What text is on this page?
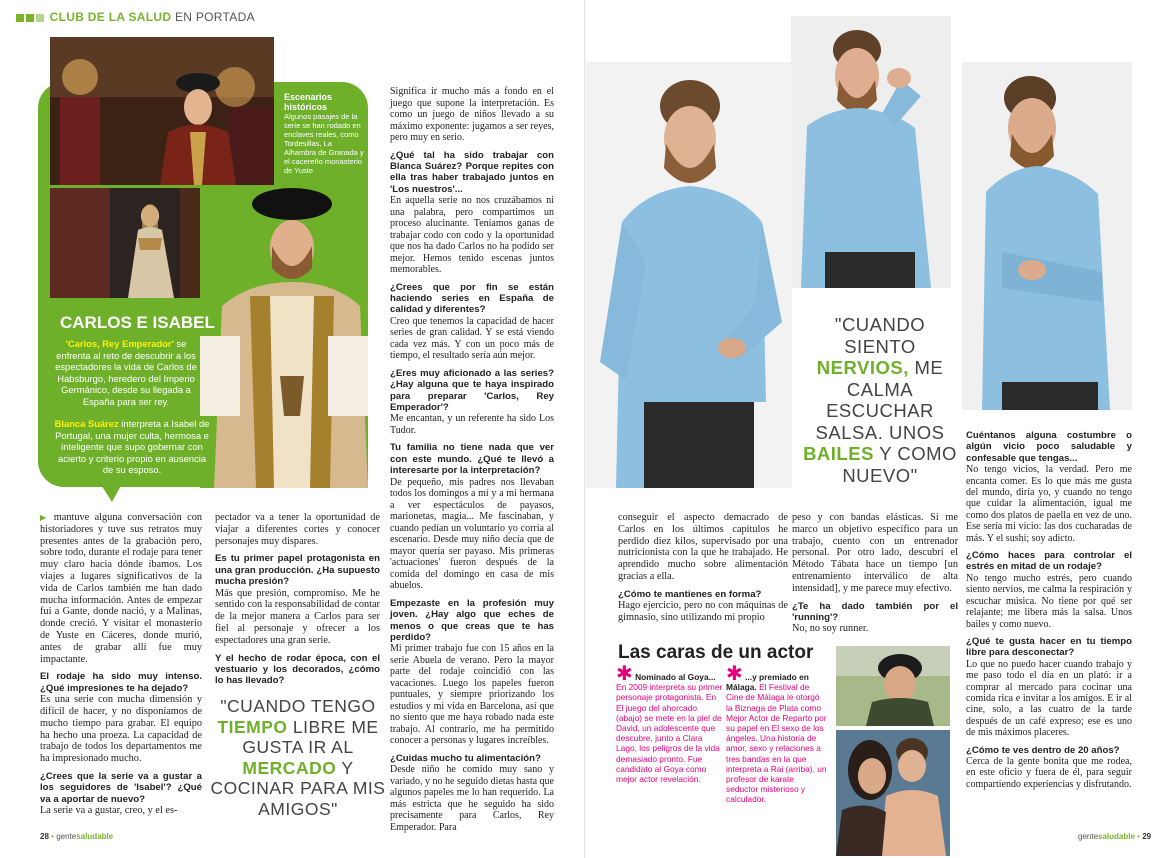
CLUB DE LA SALUD EN PORTADA
Escenarios históricos
Algunos pasajes de la serie se han rodado en enclaves reales, como Tordesillas, La Alhambra de Granada y el cacereño monasterio de Yuste
CARLOS E ISABEL
'Carlos, Rey Emperador' se enfrenta al reto de descubrir a los espectadores la vida de Carlos de Habsburgo, heredero del Imperio Germánico, desde su llegada a España para ser rey.
Blanca Suárez interpreta a Isabel de Portugal, una mujer culta, hermosa e inteligente que supo gobernar con acierto y criterio propio en ausencia de su esposo.

▶ mantuve alguna conversación con historiadores y tuve sus retratos muy presentes antes de la grabación pero, sobre todo, durante el rodaje para tener muy claro hacia dónde íbamos. Los viajes a lugares significativos de la vida de Carlos también me han dado mucha información. Antes de empezar fui a Gante, donde nació, y a Malinas, donde creció. Y visitar el monasterio de Yuste en Cáceres, donde murió, antes de grabar allí fue muy impactante.

El rodaje ha sido muy intenso. ¿Qué impresiones te ha dejado?

Es una serie con mucha dimensión y difícil de hacer, y no disponíamos de mucho tiempo para grabar. El equipo ha hecho una proeza. La capacidad de trabajo de todos los departamentos me ha impresionado mucho.

¿Crees que la serie va a gustar a los seguidores de 'Isabel'? ¿Qué va a aportar de nuevo?

La serie va a gustar, creo, y el es-

pectador va a tener la oportunidad de viajar a diferentes cortes y conocer personajes muy dispares.

Es tu primer papel protagonista en una gran producción. ¿Ha supuesto mucha presión?

Más que presión, compromiso. Me he sentido con la responsabilidad de contar de la mejor manera a Carlos para ser fiel al personaje y ofrecer a los espectadores una gran serie.

Y el hecho de rodar época, con el vestuario y los decorados, ¿cómo lo has llevado?
"CUANDO TENGO TIEMPO LIBRE ME GUSTA IR AL MERCADO Y COCINAR PARA MIS AMIGOS"

Significa ir mucho más a fondo en el juego que supone la interpretación. Es como un juego de niños llevado a su máximo exponente: jugamos a ser reyes, pero muy en serio.

¿Qué tal ha sido trabajar con Blanca Suárez? Porque repites con ella tras haber trabajado juntos en 'Los nuestros'...

En aquella serie no nos cruzábamos ni una palabra, pero compartimos un proceso alucinante. Teníamos ganas de trabajar codo con codo y la oportunidad que nos ha dado Carlos no ha podido ser mejor. Hemos tenido escenas juntos memorables.

¿Crees que por fin se están haciendo series en España de calidad y diferentes?

Creo que tenemos la capacidad de hacer series de gran calidad. Y se está viendo cada vez más. Y con un poco más de tiempo, el resultado sería aún mejor.

¿Eres muy aficionado a las series? ¿Hay alguna que te haya inspirado para preparar 'Carlos, Rey Emperador'?

Me encantan, y un referente ha sido Los Tudor.

Tu familia no tiene nada que ver con este mundo. ¿Qué te llevó a interesarte por la interpretación?

De pequeño, mis padres nos llevaban todos los domingos a mí y a mi hermana a ver espectáculos de payasos, marionetas, magia... Me fascinaban, y cuando pedían un voluntario yo corría al escenario. Desde muy niño decía que de mayor quería ser payaso. Mis primeras 'actuaciones' fueron después de la comida del domingo en casa de mis abuelos.

Empezaste en la profesión muy joven. ¿Hay algo que eches de menos o que creas que te has perdido?

Mi primer trabajo fue con 15 años en la serie Abuela de verano. Pero la mayor parte del rodaje coincidió con las vacaciones. Luego los papeles fueron puntuales, y siempre priorizando los estudios y mi vida en Barcelona, así que no siento que me haya robado nada este trabajo. Al contrario, me ha permitido conocer a personas y lugares increíbles.

¿Cuidas mucho tu alimentación?

Desde niño he comido muy sano y variado, y no he seguido dietas hasta que algunos papeles me lo han requerido. La más estricta que he seguido ha sido precisamente para Carlos, Rey Emperador. Para

"CUANDO SIENTO NERVIOS, ME CALMA ESCUCHAR SALSA. UNOS BAILES Y COMO NUEVO"

conseguir el aspecto demacrado de Carlos en los últimos capítulos he perdido diez kilos, supervisado por una nutricionista con la que he trabajado. He aprendido mucho sobre alimentación gracias a ella.

¿Cómo te mantienes en forma?

Hago ejercicio, pero no con máquinas de gimnasio, sino utilizando mi propio

peso y con bandas elásticas. Si me marco un objetivo específico para un trabajo, cuento con un entrenador personal. Por otro lado, descubrí el Método Tábata hace un tiempo [un entrenamiento interválico de alta intensidad], y me parece muy efectivo.

¿Te ha dado también por el 'running'?

No, no soy runner.

Cuéntanos alguna costumbre o algún vicio poco saludable y confesable que tengas...

No tengo vicios, la verdad. Pero me encanta comer. Es lo que más me gusta del mundo, diría yo, y cuando no tengo que cuidar la alimentación, igual me como dos platos de paella en vez de uno. Ese sería mi vicio: las dos cucharadas de más. Y el sushi; soy adicto.

¿Cómo haces para controlar el estrés en mitad de un rodaje?

No tengo mucho estrés, pero cuando siento nervios, me calma la respiración y escuchar música. No tiene por qué ser relajante; me libera más la salsa. Unos bailes y como nuevo.

¿Qué te gusta hacer en tu tiempo libre para desconectar?

Lo que no puedo hacer cuando trabajo y me paso todo el día en un plató: ir a comprar al mercado para cocinar una comida rica e invitar a los amigos. E ir al cine, solo, a las cuatro de la tarde después de un café expreso; ese es uno de mis máximos placeres.

¿Cómo te ves dentro de 20 años?

Cerca de la gente bonita que me rodea, en este oficio y fuera de él, para seguir compartiendo experiencias y disfrutando.

Las caras de un actor
✱ Nominado al Goya... En 2009 interpreta su primer personaje protagonista. En El juego del ahorcado (abajo) se mete en la piel de David, un adolescente que descubre, junto a Clara Lago, los peligros de la vida demasiado pronto. Fue candidato al Goya como mejor actor revelación.
✱ ...y premiado en Málaga. El Festival de Cine de Málaga le otorgó la Biznaga de Plata como Mejor Actor de Reparto por su papel en El sexo de los ángeles. Una historia de amor, sexo y relaciones a tres bandas en la que interpreta a Rai (arriba), un profesor de karate seductor misterioso y calculador.
28 • gentesaludable	gentesaludable • 29
